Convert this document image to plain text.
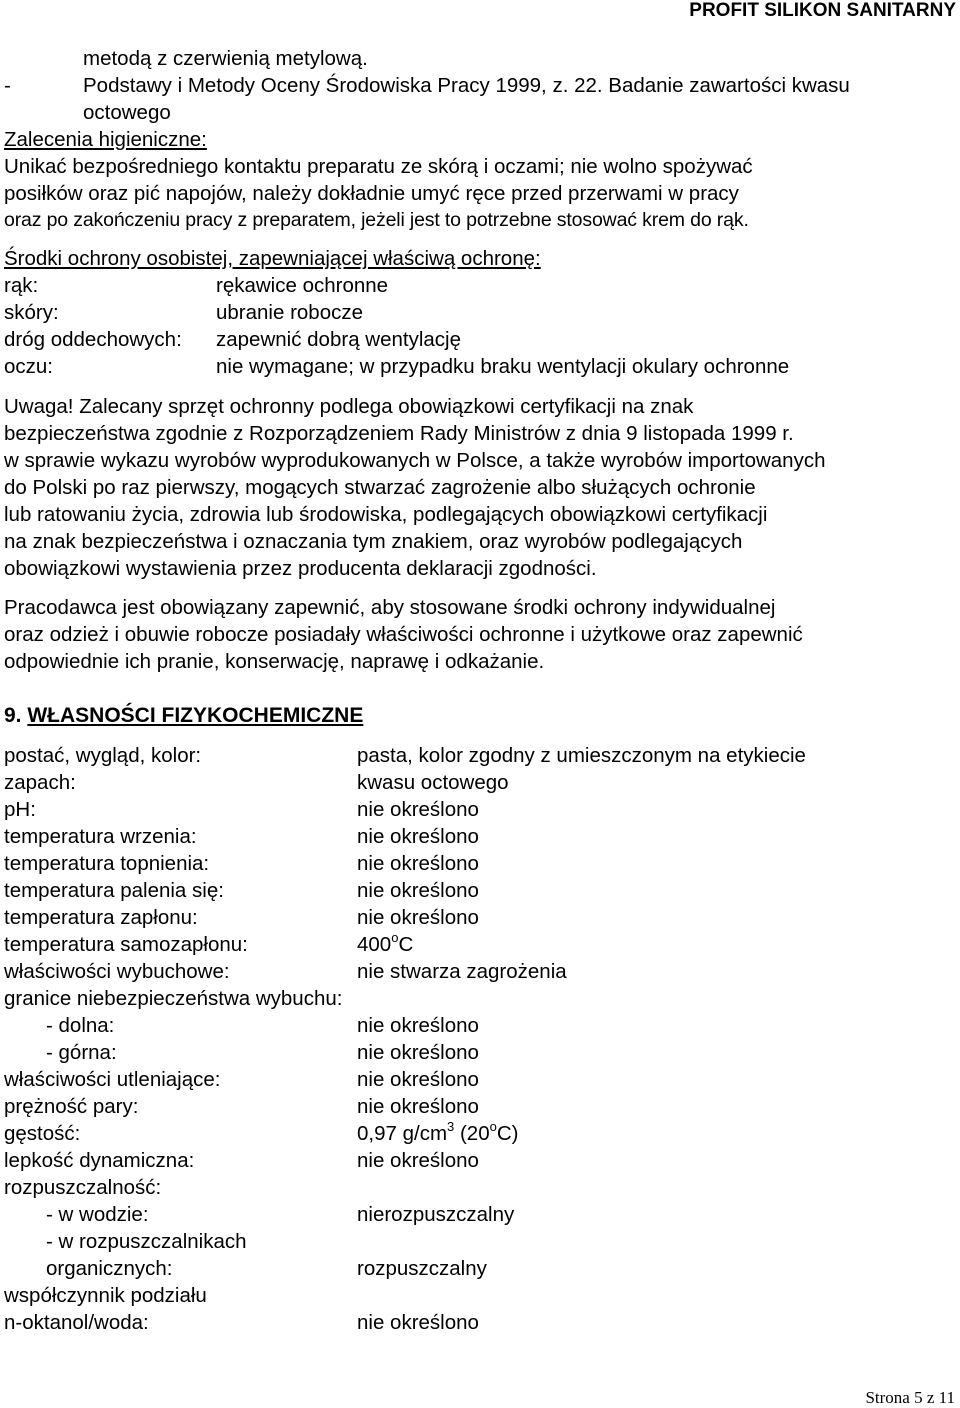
PROFIT SILIKON SANITARNY
metodą z czerwienią metylową.
-	Podstawy i Metody Oceny Środowiska Pracy 1999, z. 22. Badanie zawartości kwasu
octowego
Zalecenia higieniczne:
Unikać bezpośredniego kontaktu preparatu ze skórą i oczami; nie wolno spożywać
posiłków oraz pić napojów, należy dokładnie umyć ręce przed przerwami w pracy
oraz po zakończeniu pracy z preparatem, jeżeli jest to potrzebne stosować krem do rąk.
Środki ochrony osobistej, zapewniającej właściwą ochronę:
rąk:	rękawice ochronne
skóry:	ubranie robocze
dróg oddechowych: zapewnić dobrą wentylację
oczu:	nie wymagane; w przypadku braku wentylacji okulary ochronne
Uwaga! Zalecany sprzęt ochronny podlega obowiązkowi certyfikacji na znak
bezpieczeństwa zgodnie z Rozporządzeniem Rady Ministrów z dnia 9 listopada 1999 r.
w sprawie wykazu wyrobów wyprodukowanych w Polsce, a także wyrobów importowanych
do Polski po raz pierwszy, mogących stwarzać zagrożenie albo służących ochronie
lub ratowaniu życia, zdrowia lub środowiska, podlegających obowiązkowi certyfikacji
na znak bezpieczeństwa i oznaczania tym znakiem, oraz wyrobów podlegających
obowiązkowi wystawienia przez producenta deklaracji zgodności.
Pracodawca jest obowiązany zapewnić, aby stosowane środki ochrony indywidualnej
oraz odzież i obuwie robocze posiadały właściwości ochronne i użytkowe oraz zapewnić
odpowiednie ich pranie, konserwację, naprawę i odkażanie.
9. WŁASNOŚCI FIZYKOCHEMICZNE
postać, wygląd, kolor:	pasta, kolor zgodny z umieszczonym na etykiecie
zapach:	kwasu octowego
pH:	nie określono
temperatura wrzenia:	nie określono
temperatura topnienia:	nie określono
temperatura palenia się:	nie określono
temperatura zapłonu:	nie określono
temperatura samozapłonu:	400$^o$C
właściwości wybuchowe:	nie stwarza zagrożenia
granice niebezpieczeństwa wybuchu:
- dolna:	nie określono
- górna:	nie określono
właściwości utleniające:	nie określono
prężność pary:	nie określono
gęstość:	0,97 $g/cm^3$ (20$^o$C)
lepkość dynamiczna:	nie określono
rozpuszczalność:
- w wodzie:	nierozpuszczalny
- w rozpuszczalnikach
organicznych:	rozpuszczalny
współczynnik podziału
n-oktanol/woda:	nie określono
Strona 5 z 11
